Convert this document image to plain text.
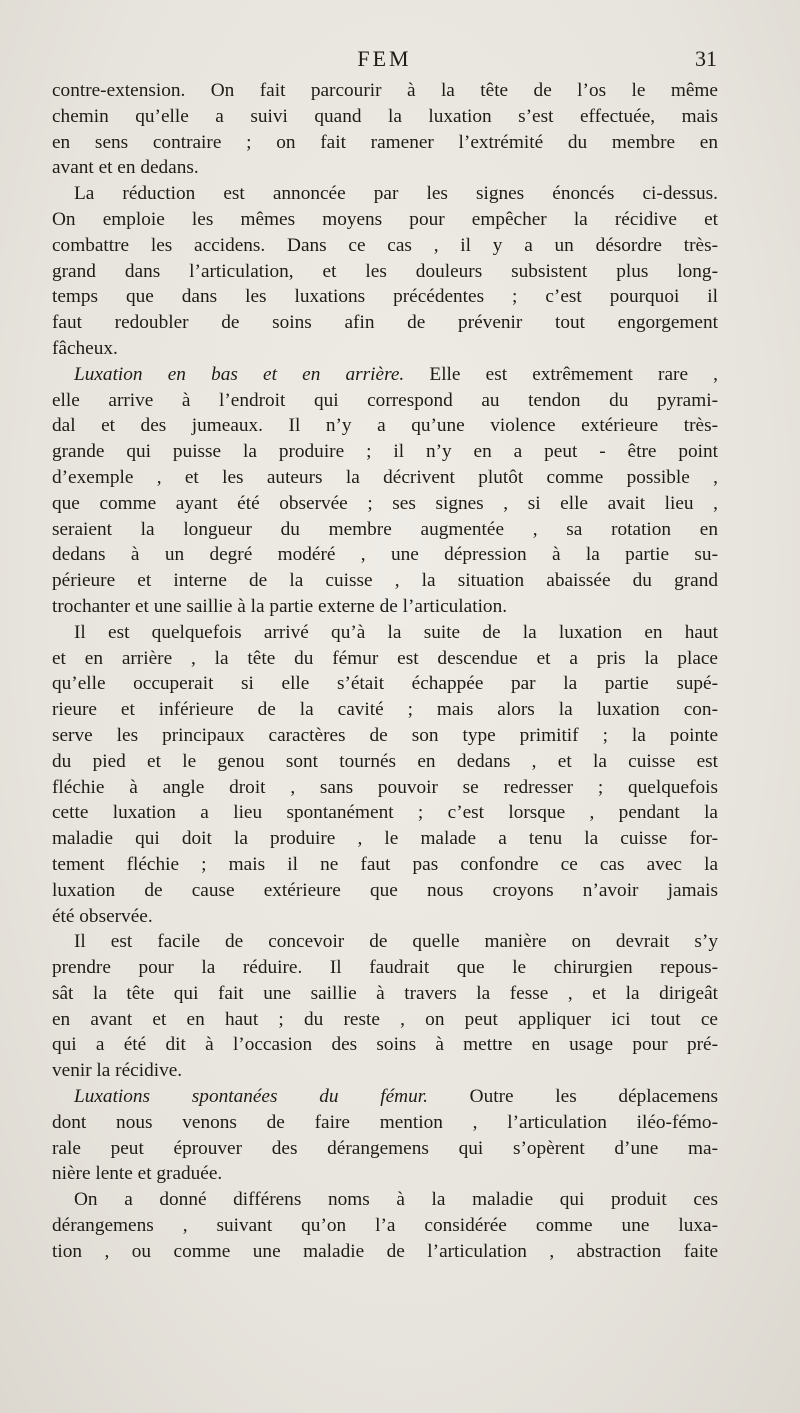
FEM	31
contre-extension. On fait parcourir à la tête de l’os le même
chemin qu’elle a suivi quand la luxation s’est effectuée, mais
en sens contraire ; on fait ramener l’extrémité du membre en
avant et en dedans.
La réduction est annoncée par les signes énoncés ci-dessus.
On emploie les mêmes moyens pour empêcher la récidive et
combattre les accidens. Dans ce cas , il y a un désordre très-
grand dans l’articulation, et les douleurs subsistent plus long-
temps que dans les luxations précédentes ; c’est pourquoi il
faut redoubler de soins afin de prévenir tout engorgement
fâcheux.
Luxation en bas et en arrière. Elle est extrêmement rare ,
elle arrive à l’endroit qui correspond au tendon du pyrami-
dal et des jumeaux. Il n’y a qu’une violence extérieure très-
grande qui puisse la produire ; il n’y en a peut - être point
d’exemple , et les auteurs la décrivent plutôt comme possible ,
que comme ayant été observée ; ses signes , si elle avait lieu ,
seraient la longueur du membre augmentée , sa rotation en
dedans à un degré modéré , une dépression à la partie su-
périeure et interne de la cuisse , la situation abaissée du grand
trochanter et une saillie à la partie externe de l’articulation.
Il est quelquefois arrivé qu’à la suite de la luxation en haut
et en arrière , la tête du fémur est descendue et a pris la place
qu’elle occuperait si elle s’était échappée par la partie supé-
rieure et inférieure de la cavité ; mais alors la luxation con-
serve les principaux caractères de son type primitif ; la pointe
du pied et le genou sont tournés en dedans , et la cuisse est
fléchie à angle droit , sans pouvoir se redresser ; quelquefois
cette luxation a lieu spontanément ; c’est lorsque , pendant la
maladie qui doit la produire , le malade a tenu la cuisse for-
tement fléchie ; mais il ne faut pas confondre ce cas avec la
luxation de cause extérieure que nous croyons n’avoir jamais
été observée.
Il est facile de concevoir de quelle manière on devrait s’y
prendre pour la réduire. Il faudrait que le chirurgien repous-
sât la tête qui fait une saillie à travers la fesse , et la dirigeât
en avant et en haut ; du reste , on peut appliquer ici tout ce
qui a été dit à l’occasion des soins à mettre en usage pour pré-
venir la récidive.
Luxations spontanées du fémur. Outre les déplacemens
dont nous venons de faire mention , l’articulation iléo-fémo-
rale peut éprouver des dérangemens qui s’opèrent d’une ma-
nière lente et graduée.
On a donné différens noms à la maladie qui produit ces
dérangemens , suivant qu’on l’a considérée comme une luxa-
tion , ou comme une maladie de l’articulation , abstraction faite
